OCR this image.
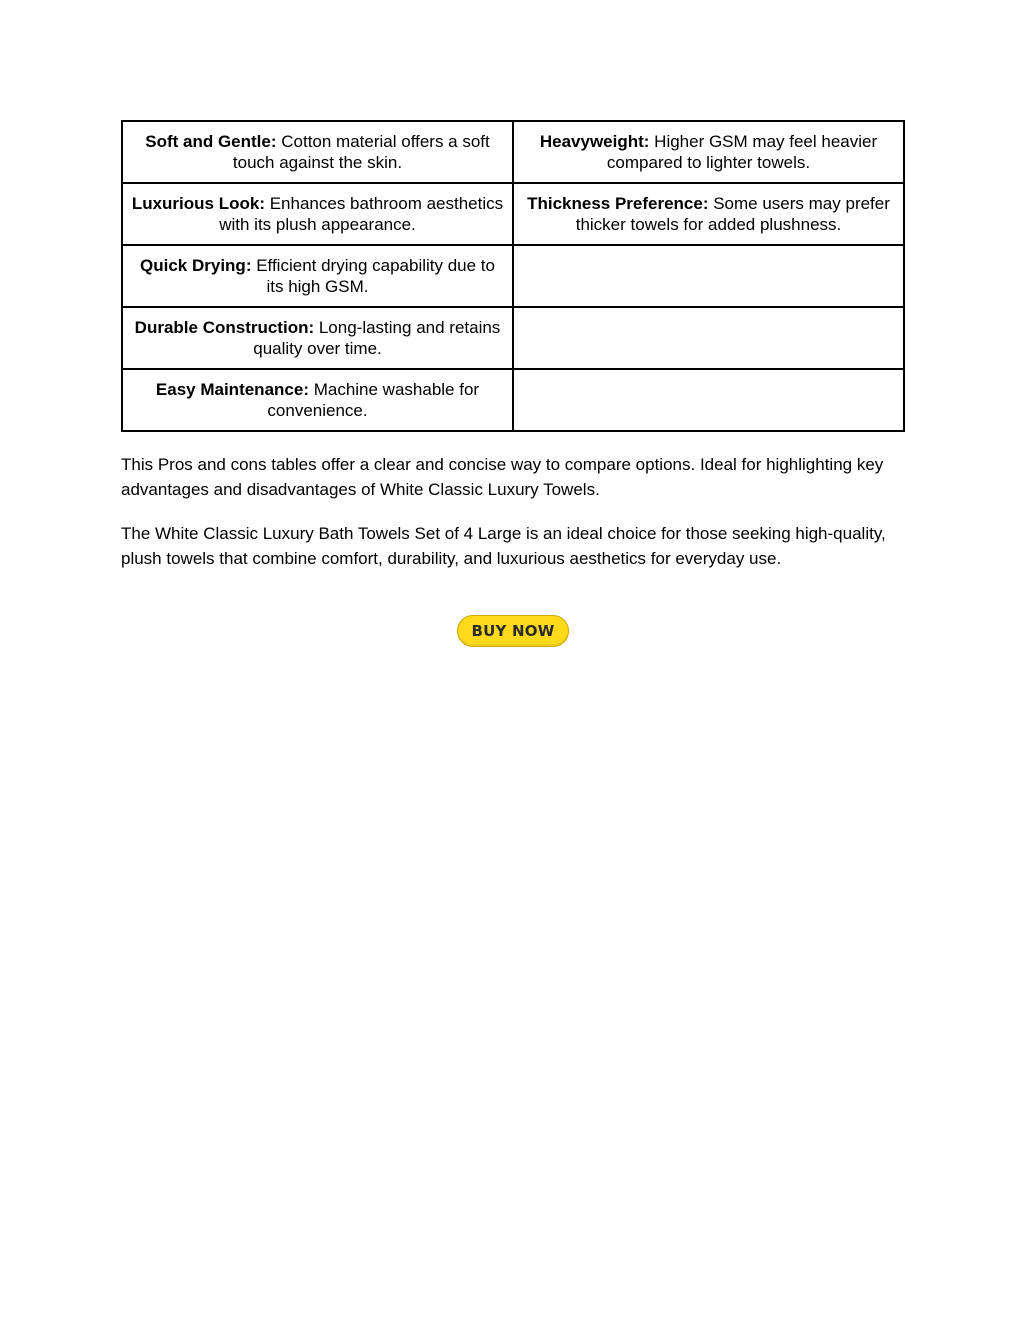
Soft and Gentle: Cotton material offers a soft touch against the skin.	Heavyweight: Higher GSM may feel heavier compared to lighter towels.
Luxurious Look: Enhances bathroom aesthetics with its plush appearance.	Thickness Preference: Some users may prefer thicker towels for added plushness.
Quick Drying: Efficient drying capability due to its high GSM.	
Durable Construction: Long-lasting and retains quality over time.	
Easy Maintenance: Machine washable for convenience.	

This Pros and cons tables offer a clear and concise way to compare options. Ideal for highlighting key advantages and disadvantages of White Classic Luxury Towels.

The White Classic Luxury Bath Towels Set of 4 Large is an ideal choice for those seeking high-quality, plush towels that combine comfort, durability, and luxurious aesthetics for everyday use.

BUY NOW
